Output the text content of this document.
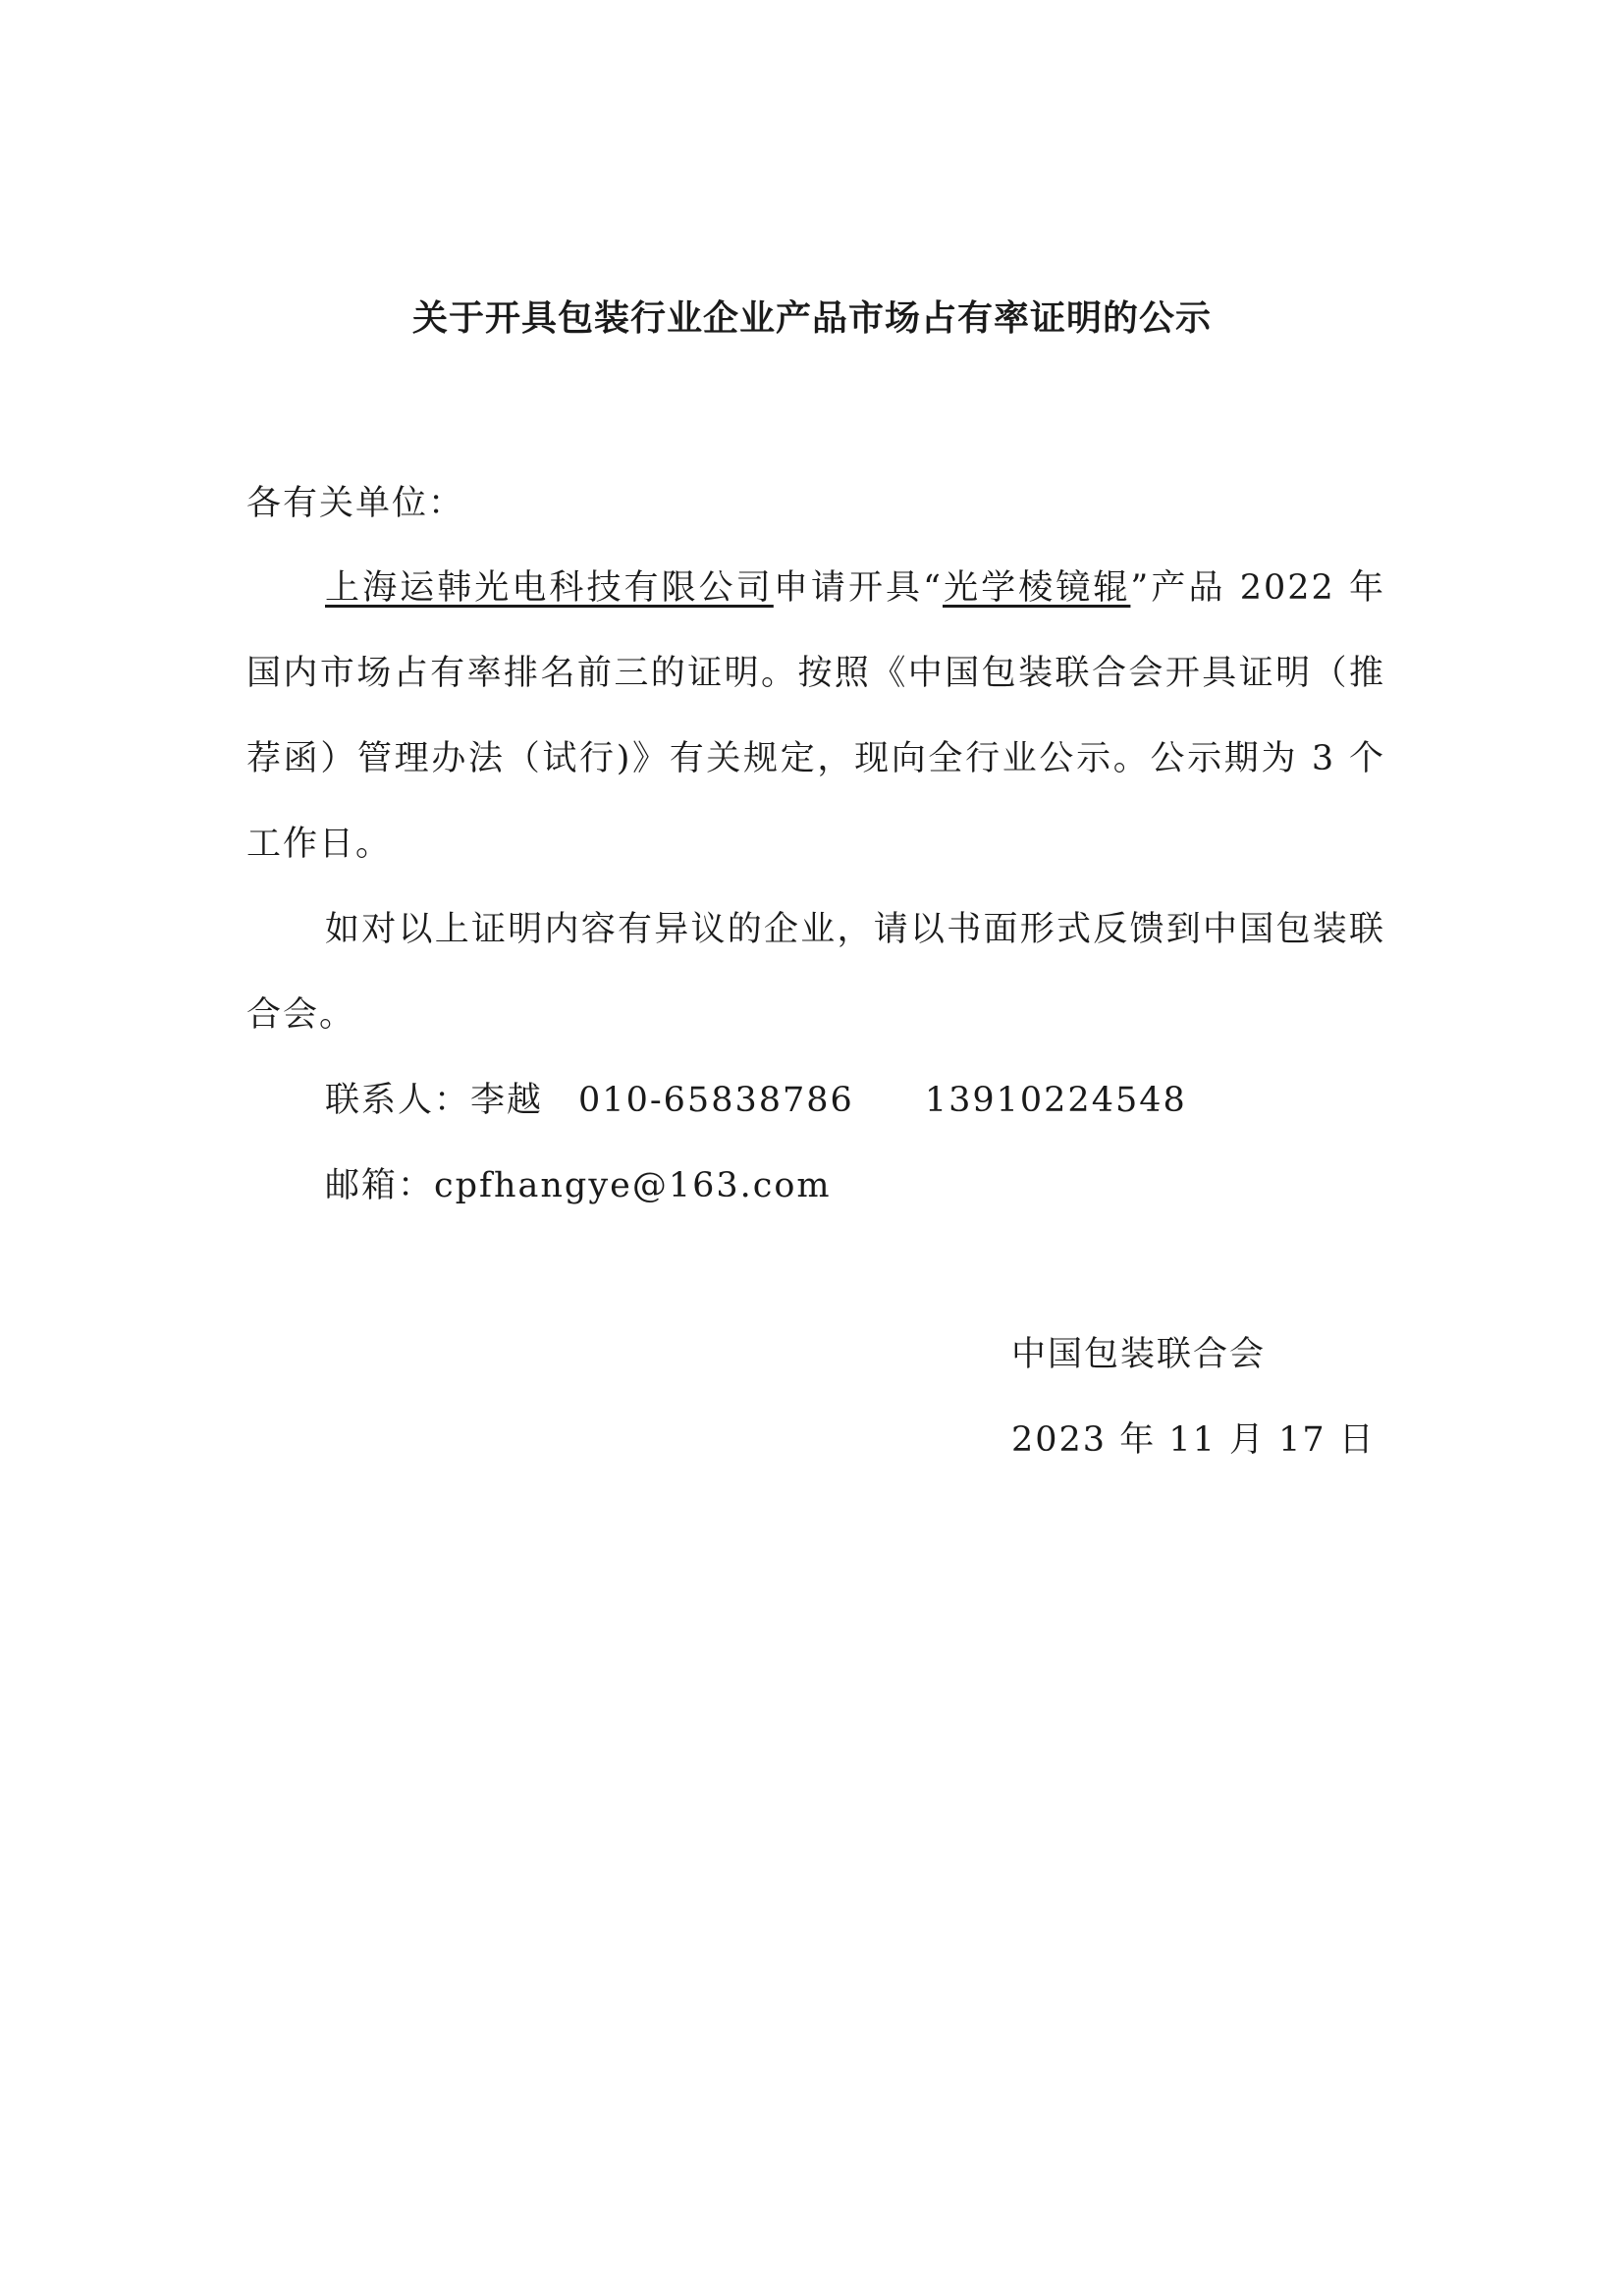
关于开具包装行业企业产品市场占有率证明的公示
各有关单位：
上海运韩光电科技有限公司申请开具“光学棱镜辊”产品 2022 年国内市场占有率排名前三的证明。按照《中国包装联合会开具证明（推荐函）管理办法（试行)》有关规定，现向全行业公示。公示期为 3 个工作日。
如对以上证明内容有异议的企业，请以书面形式反馈到中国包装联合会。
联系人：李越 010-65838786 13910224548
邮箱：cpfhangye@163.com
中国包装联合会
2023 年 11 月 17 日
